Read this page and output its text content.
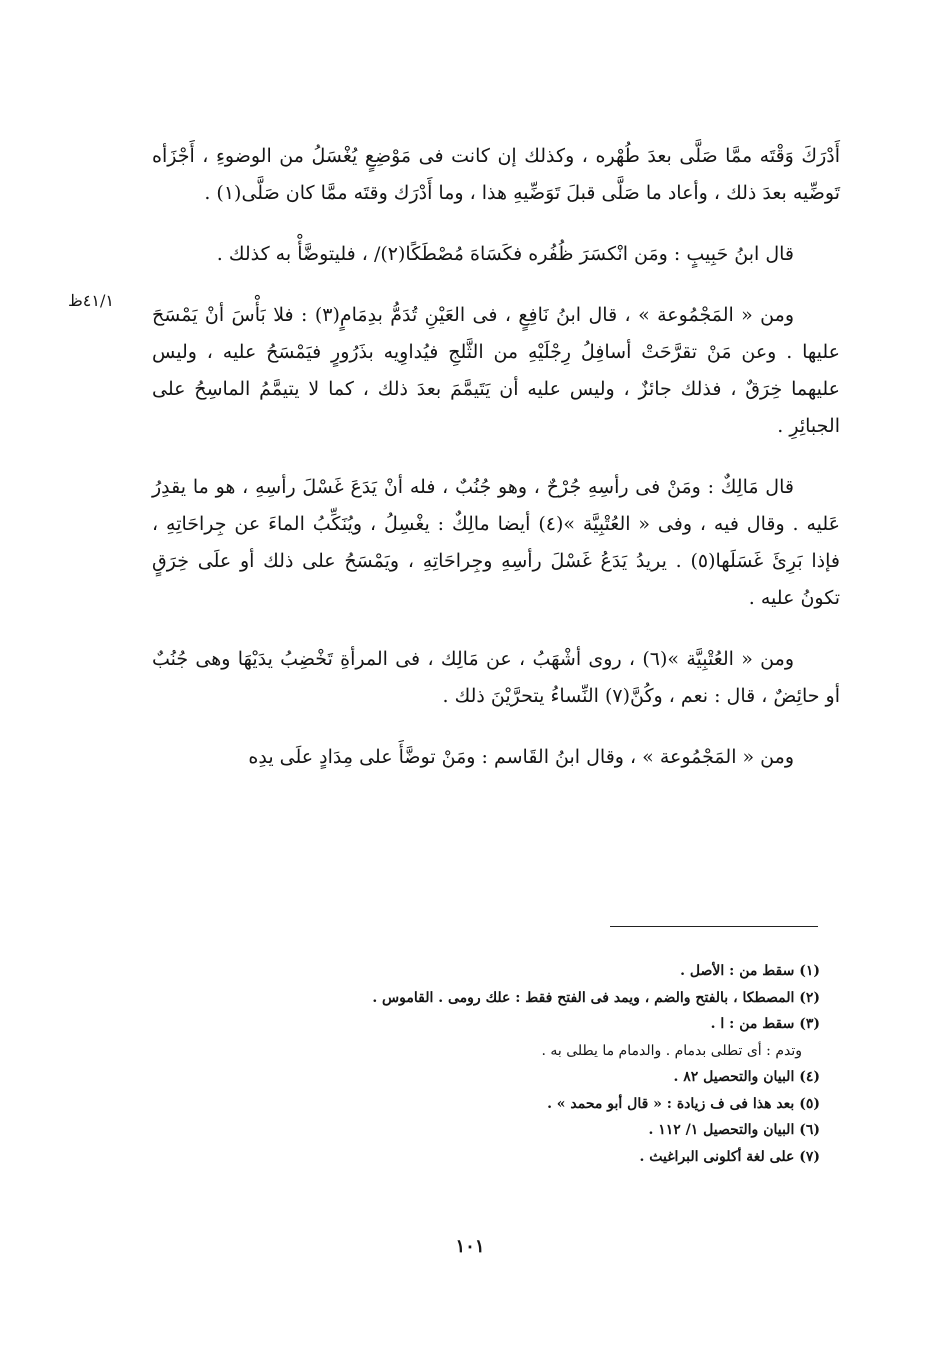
٤١/١ظ

أَدْرَكَ وَقْتَه ممَّا صَلَّى بعدَ طُهْره ، وكذلك إن كانت فى مَوْضِعٍ يُغْسَلُ من الوضوءِ ، أَجْزَأه تَوضِّيه بعدَ ذلك ، وأعاد ما صَلَّى قبلَ تَوَضِّيهِ هذا ، وما أَدْرَك وقتَه ممَّا كان صَلَّى(١) .

قال ابنُ حَبِيبٍ : ومَن انْكسَرَ ظُفُره فكَسَاهَ مُصْطَكًا(٢)/ ، فليتوضَّأْ به كذلك .

ومن « المَجْمُوعة » ، قال ابنُ نَافِعٍ ، فى العَيْنِ تُدَمُّ بدِمَامٍ(٣) : فلا بَأْسَ أنْ يَمْسَحَ عليها . وعن مَنْ تقرَّحَتْ أسافِلُ رِجْلَيْهِ من الثَّلجِ فيُداوِيه بذَرُورٍ فيَمْسَحُ عليه ، وليس عليهما خِرَقٌ ، فذلك جائزٌ ، وليس عليه أن يَتَيمَّمَ بعدَ ذلك ، كما لا يتيمَّمُ الماسِحُ على الجبائِرِ .

قال مَالِكٌ : ومَنْ فى رأسِهِ جُرْحٌ ، وهو جُنُبٌ ، فله أنْ يَدَعَ غَسْلَ رأسِهِ ، هو ما يقدِرُ عَليه . وقال فيه ، وفى « العُتْبِيَّة »(٤) أيضا مالِكٌ : يغْسِلُ ، ويُنَكِّبُ الماءَ عن جِراحَاتِهِ ، فإذا بَرِئَ غَسَلَها(٥) . يريدُ يَدَعُ غَسْلَ رأسِهِ وجِراحَاتِهِ ، ويَمْسَحُ على ذلك أو علَى خِرَقٍ تكونُ عليه .

ومن « العُتْبِيَّة »(٦) ، روى أشْهَبُ ، عن مَالِك ، فى المرأةِ تَخْضِبُ يدَيْهَا وهى جُنُبٌ أو حائِضٌ ، قال : نعم ، وكُنَّ(٧) النِّساءُ يتحرَّيْنَ ذلك .

ومن « المَجْمُوعة » ، وقال ابنُ القَاسم : ومَنْ توضَّأَ على مِدَادٍ علَى يدِه

(١) سقط من : الأصل .
(٢) المصطكا ، بالفتح والضم ، ويمد فى الفتح فقط : علك رومى . القاموس .
(٣) سقط من : ا .
وتدم : أى تطلى بدمام . والدمام ما يطلى به .
(٤) البيان والتحصيل ٨٢ .
(٥) بعد هذا فى ف زيادة : « قال أبو محمد » .
(٦) البيان والتحصيل ١/ ١١٢ .
(٧) على لغة أكلونى البراغيث .
١٠١
